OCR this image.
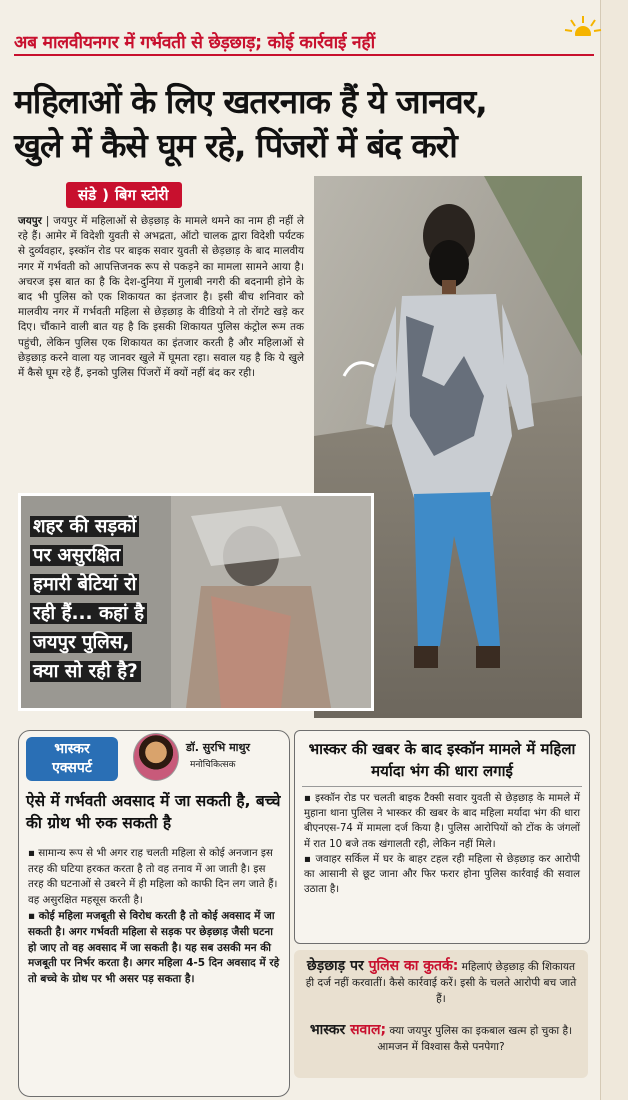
अब मालवीयनगर में गर्भवती से छेड़छाड़; कोई कार्रवाई नहीं
महिलाओं के लिए खतरनाक हैं ये जानवर,
खुले में कैसे घूम रहे, पिंजरों में बंद करो
संडे ) बिग स्टोरी
जयपुर | जयपुर में महिलाओं से छेड़छाड़ के मामले थमने का नाम ही नहीं ले रहे हैं। आमेर में विदेशी युवती से अभद्रता, ऑटो चालक द्वारा विदेशी पर्यटक से दुर्व्यवहार, इस्कॉन रोड पर बाइक सवार युवती से छेड़छाड़ के बाद मालवीय नगर में गर्भवती को आपत्तिजनक रूप से पकड़ने का मामला सामने आया है। अचरज इस बात का है कि देश-दुनिया में गुलाबी नगरी की बदनामी होने के बाद भी पुलिस को एक शिकायत का इंतजार है। इसी बीच शनिवार को मालवीय नगर में गर्भवती महिला से छेड़छाड़ के वीडियो ने तो रोंगटे खड़े कर दिए। चौंकाने वाली बात यह है कि इसकी शिकायत पुलिस कंट्रोल रूम तक पहुंची, लेकिन पुलिस एक शिकायत का इंतजार करती है और महिलाओं से छेड़छाड़ करने वाला यह जानवर खुले में घूमता रहा। सवाल यह है कि ये खुले में कैसे घूम रहे हैं, इनको पुलिस पिंजरों में क्यों नहीं बंद कर रही।
शहर की सड़कों
पर असुरक्षित
हमारी बेटियां रो
रही हैं... कहां है
जयपुर पुलिस,
क्या सो रही है?
भास्कर
एक्सपर्ट
डॉ. सुरभि माथुर
मनोचिकित्सक
ऐसे में गर्भवती अवसाद में जा सकती है, बच्चे की ग्रोथ भी रुक सकती है

▪ सामान्य रूप से भी अगर राह चलती महिला से कोई अनजान इस तरह की घटिया हरकत करता है तो वह तनाव में आ जाती है। इस तरह की घटनाओं से उबरने में ही महिला को काफी दिन लग जाते हैं। वह असुरक्षित महसूस करती है।

▪ कोई महिला मजबूती से विरोध करती है तो कोई अवसाद में जा सकती है। अगर गर्भवती महिला से सड़क पर छेड़छाड़ जैसी घटना हो जाए तो वह अवसाद में जा सकती है। यह सब उसकी मन की मजबूती पर निर्भर करता है। अगर महिला 4-5 दिन अवसाद में रहे तो बच्चे के ग्रोथ पर भी असर पड़ सकता है।

भास्कर की खबर के बाद इस्कॉन मामले में महिला मर्यादा भंग की धारा लगाई

▪ इस्कॉन रोड पर चलती बाइक टैक्सी सवार युवती से छेड़छाड़ के मामले में मुहाना थाना पुलिस ने भास्कर की खबर के बाद महिला मर्यादा भंग की धारा बीएनएस-74 में मामला दर्ज किया है। पुलिस आरोपियों को टोंक के जंगलों में रात 10 बजे तक खंगालती रही, लेकिन नहीं मिले।

▪ जवाहर सर्किल में घर के बाहर टहल रही महिला से छेड़छाड़ कर आरोपी का आसानी से छूट जाना और फिर फरार होना पुलिस कार्रवाई की सवाल उठाता है।

छेड़छाड़ पर पुलिस का कुतर्क: महिलाएं छेड़छाड़ की शिकायत ही दर्ज नहीं करवातीं। कैसे कार्रवाई करें। इसी के चलते आरोपी बच जाते हैं।
भास्कर सवाल; क्या जयपुर पुलिस का इकबाल खत्म हो चुका है। आमजन में विश्वास कैसे पनपेगा?
